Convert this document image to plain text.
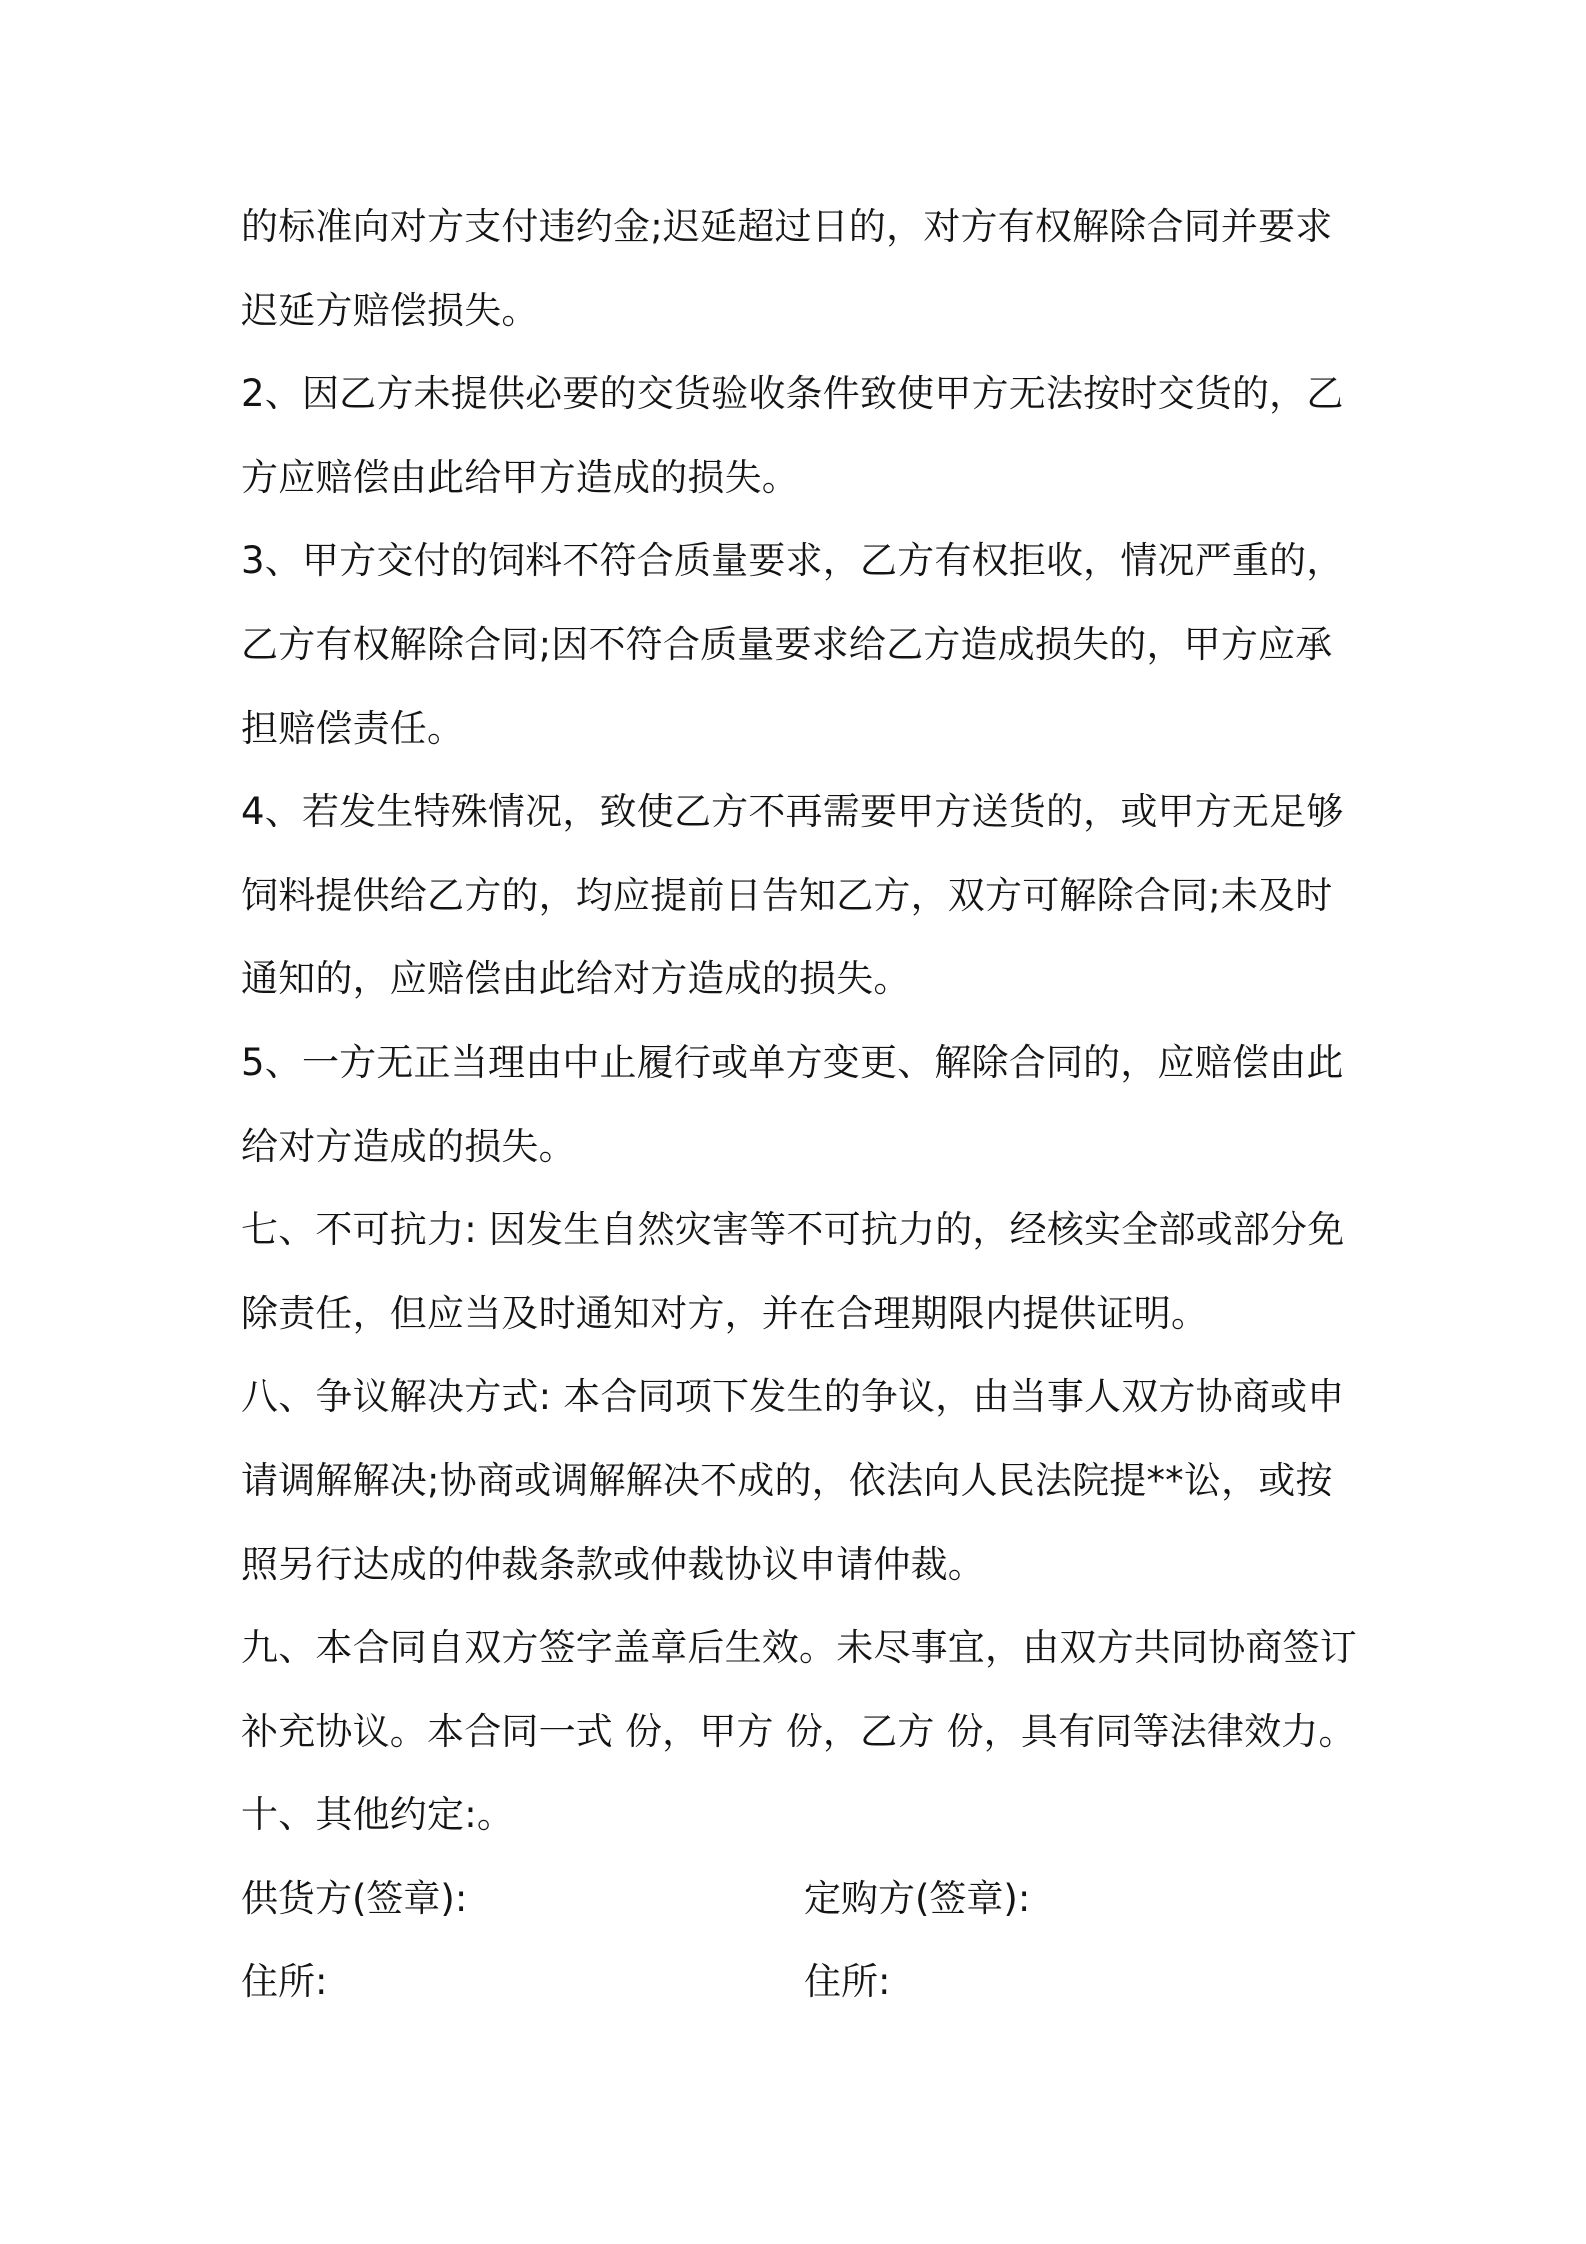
的标准向对方支付违约金;迟延超过日的，对方有权解除合同并要求
迟延方赔偿损失。
2、因乙方未提供必要的交货验收条件致使甲方无法按时交货的，乙
方应赔偿由此给甲方造成的损失。
3、甲方交付的饲料不符合质量要求，乙方有权拒收，情况严重的，
乙方有权解除合同;因不符合质量要求给乙方造成损失的，甲方应承
担赔偿责任。
4、若发生特殊情况，致使乙方不再需要甲方送货的，或甲方无足够
饲料提供给乙方的，均应提前日告知乙方，双方可解除合同;未及时
通知的，应赔偿由此给对方造成的损失。
5、一方无正当理由中止履行或单方变更、解除合同的，应赔偿由此
给对方造成的损失。
七、不可抗力: 因发生自然灾害等不可抗力的，经核实全部或部分免
除责任，但应当及时通知对方，并在合理期限内提供证明。
八、争议解决方式: 本合同项下发生的争议，由当事人双方协商或申
请调解解决;协商或调解解决不成的，依法向人民法院提**讼，或按
照另行达成的仲裁条款或仲裁协议申请仲裁。
九、本合同自双方签字盖章后生效。未尽事宜，由双方共同协商签订
补充协议。本合同一式 份，甲方 份，乙方 份，具有同等法律效力。
十、其他约定:。
供货方(签章):	定购方(签章):
住所:	住所:
